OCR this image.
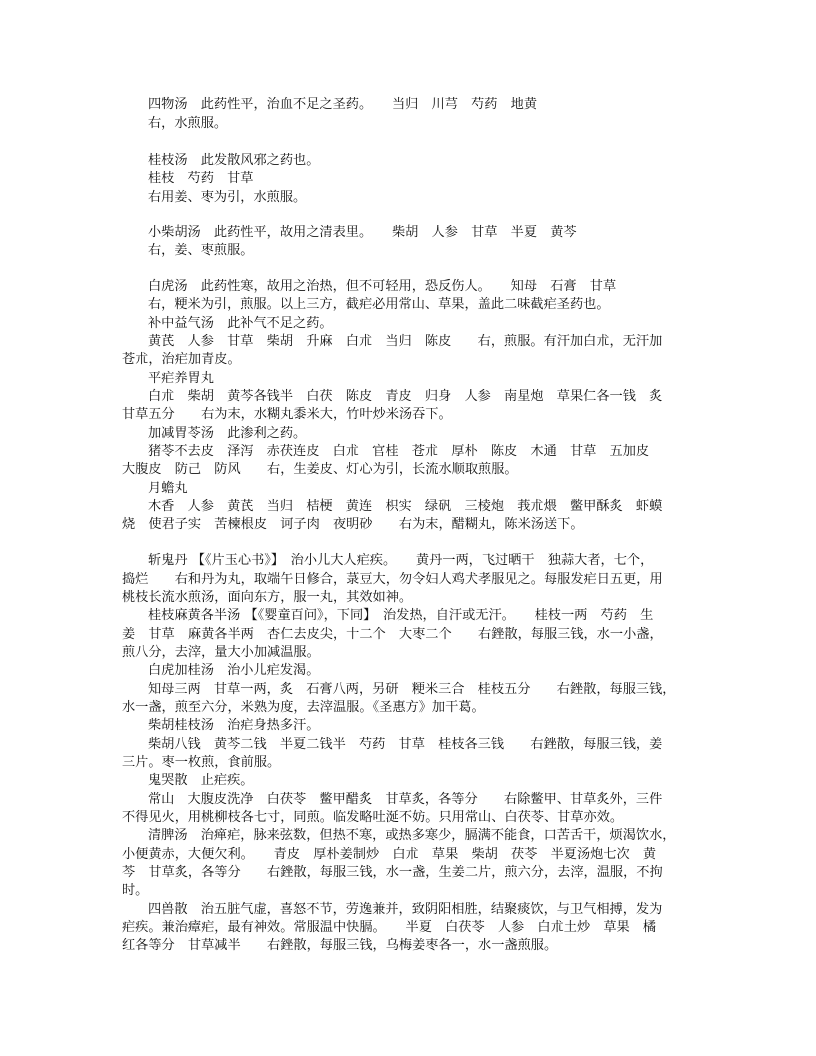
四物汤　此药性平，治血不足之圣药。　　当归　川芎　芍药　地黄
右，水煎服。
桂枝汤　此发散风邪之药也。
桂枝　芍药　甘草
右用姜、枣为引，水煎服。
小柴胡汤　此药性平，故用之清表里。　　柴胡　人参　甘草　半夏　黄芩
右，姜、枣煎服。
白虎汤　此药性寒，故用之治热，但不可轻用，恐反伤人。　　知母　石膏　甘草
右，粳米为引，煎服。以上三方，截疟必用常山、草果，盖此二味截疟圣药也。
补中益气汤　此补气不足之药。
黄芪　人参　甘草　柴胡　升麻　白朮　当归　陈皮　　右，煎服。有汗加白朮，无汗加
苍朮，治疟加青皮。
平疟养胃丸
白朮　柴胡　黄芩各钱半　白茯　陈皮　青皮　归身　人参　南星炮　草果仁各一钱　炙
甘草五分　　右为末，水糊丸黍米大，竹叶炒米汤吞下。
加减胃苓汤　此渗利之药。
猪苓不去皮　泽泻　赤茯连皮　白朮　官桂　苍朮　厚朴　陈皮　木通　甘草　五加皮
大腹皮　防己　防风　　右，生姜皮、灯心为引，长流水顺取煎服。
月蟾丸
木香　人参　黄芪　当归　桔梗　黄连　枳实　绿矾　三棱炮　莪朮煨　鳖甲酥炙　虾蟆
烧　使君子实　苦楝根皮　诃子肉　夜明砂　　右为末，醋糊丸，陈米汤送下。
斩鬼丹 【《片玉心书》】　治小儿大人疟疾。　　黄丹一两，飞过晒干　独蒜大者，七个，
捣烂　　右和丹为丸，取端午日修合，菉豆大，勿令妇人鸡犬孝服见之。每服发疟日五更，用
桃枝长流水煎汤，面向东方，服一丸，其效如神。
桂枝麻黄各半汤 【《婴童百问》，下同】　治发热，自汗或无汗。　　桂枝一两　芍药　生
姜　甘草　麻黄各半两　杏仁去皮尖，十二个　大枣二个　　右銼散，每服三钱，水一小盏，
煎八分，去滓，量大小加减温服。
白虎加桂汤　治小儿疟发渴。
知母三两　甘草一两，炙　石膏八两，另研　粳米三合　桂枝五分　　右銼散，每服三钱，
水一盏，煎至六分，米熟为度，去滓温服。《圣惠方》加干葛。
柴胡桂枝汤　治疟身热多汗。
柴胡八钱　黄芩二钱　半夏二钱半　芍药　甘草　桂枝各三钱　　右銼散，每服三钱，姜
三片。枣一枚煎，食前服。
鬼哭散　止疟疾。
常山　大腹皮洗净　白茯苓　鳖甲醋炙　甘草炙，各等分　　右除鳖甲、甘草炙外，三件
不得见火，用桃柳枝各七寸，同煎。临发略吐涎不妨。只用常山、白茯苓、甘草亦效。
清脾汤　治瘅疟，脉来弦数，但热不寒，或热多寒少，膈满不能食，口苦舌干，烦渴饮水，
小便黄赤，大便欠利。　　青皮　厚朴姜制炒　白朮　草果　柴胡　茯苓　半夏汤炮七次　黄
芩　甘草炙，各等分　　右銼散，每服三钱，水一盏，生姜二片，煎六分，去滓，温服，不拘
时。
四兽散　治五脏气虚，喜怒不节，劳逸兼并，致阴阳相胜，结聚痰饮，与卫气相搏，发为
疟疾。兼治瘴疟，最有神效。常服温中快膈。　　半夏　白茯苓　人参　白朮土炒　草果　橘
红各等分　甘草减半　　右銼散，每服三钱，乌梅姜枣各一，水一盏煎服。
